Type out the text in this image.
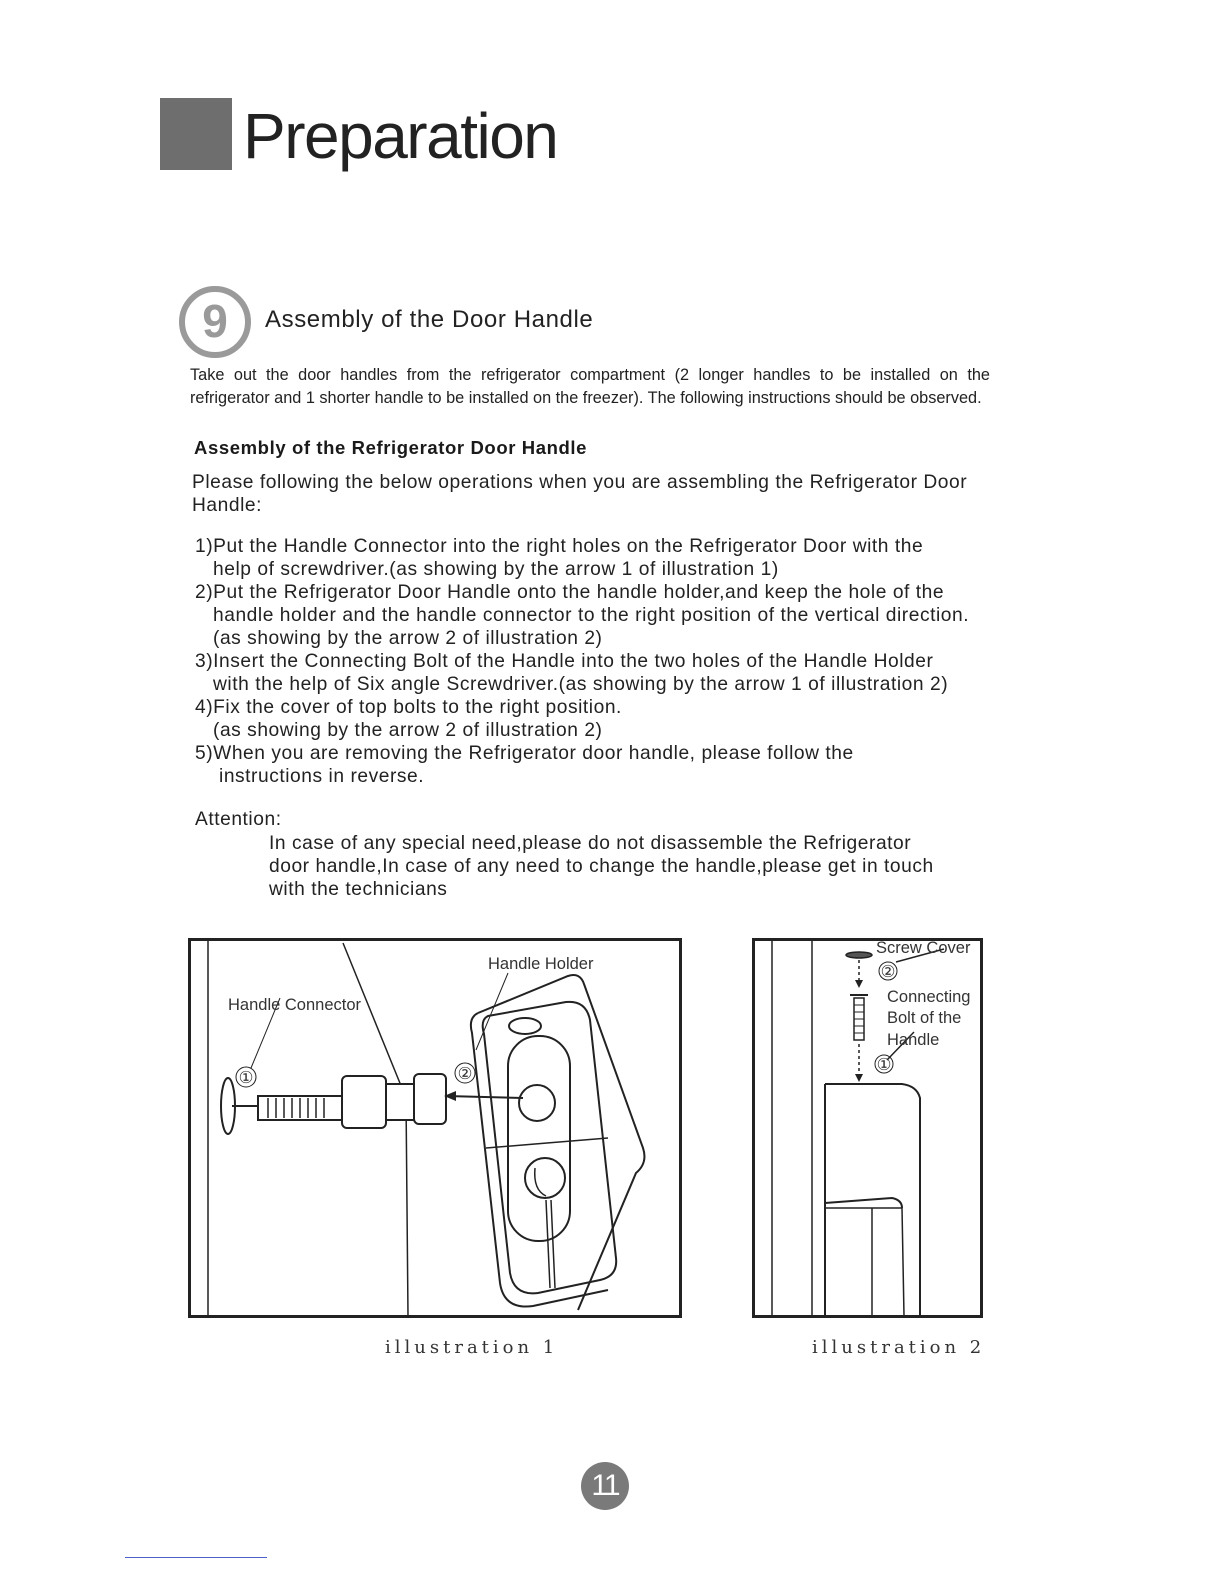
Preparation
9 Assembly of the Door Handle
Take out the door handles from the refrigerator compartment (2 longer handles to be installed on the refrigerator and 1 shorter handle to be installed on the freezer). The following instructions should be observed.
Assembly of the Refrigerator Door Handle
Please following the below operations when you are assembling the Refrigerator Door Handle:
1)Put the Handle Connector into the right holes on the Refrigerator Door with the
help of screwdriver.(as showing by the arrow 1 of illustration 1)
2)Put the Refrigerator Door Handle onto the handle holder,and keep the hole of the
handle holder and the handle connector to the right position of the vertical direction.
(as showing by the arrow 2 of illustration 2)
3)Insert the Connecting Bolt of the Handle into the two holes of the Handle Holder
with the help of Six angle Screwdriver.(as showing by the arrow 1 of illustration 2)
4)Fix the cover of top bolts to the right position.
(as showing by the arrow 2 of illustration 2)
5)When you are removing the Refrigerator door handle, please follow the
instructions in reverse.
Attention:
In case of any special need,please do not disassemble the Refrigerator
door handle,In case of any need to change the handle,please get in touch
with the technicians
①	②
Handle Holder
Handle Connector
②
①
Screw Cover
Connecting
Bolt of the
Handle
illustration 1	illustration 2
11
